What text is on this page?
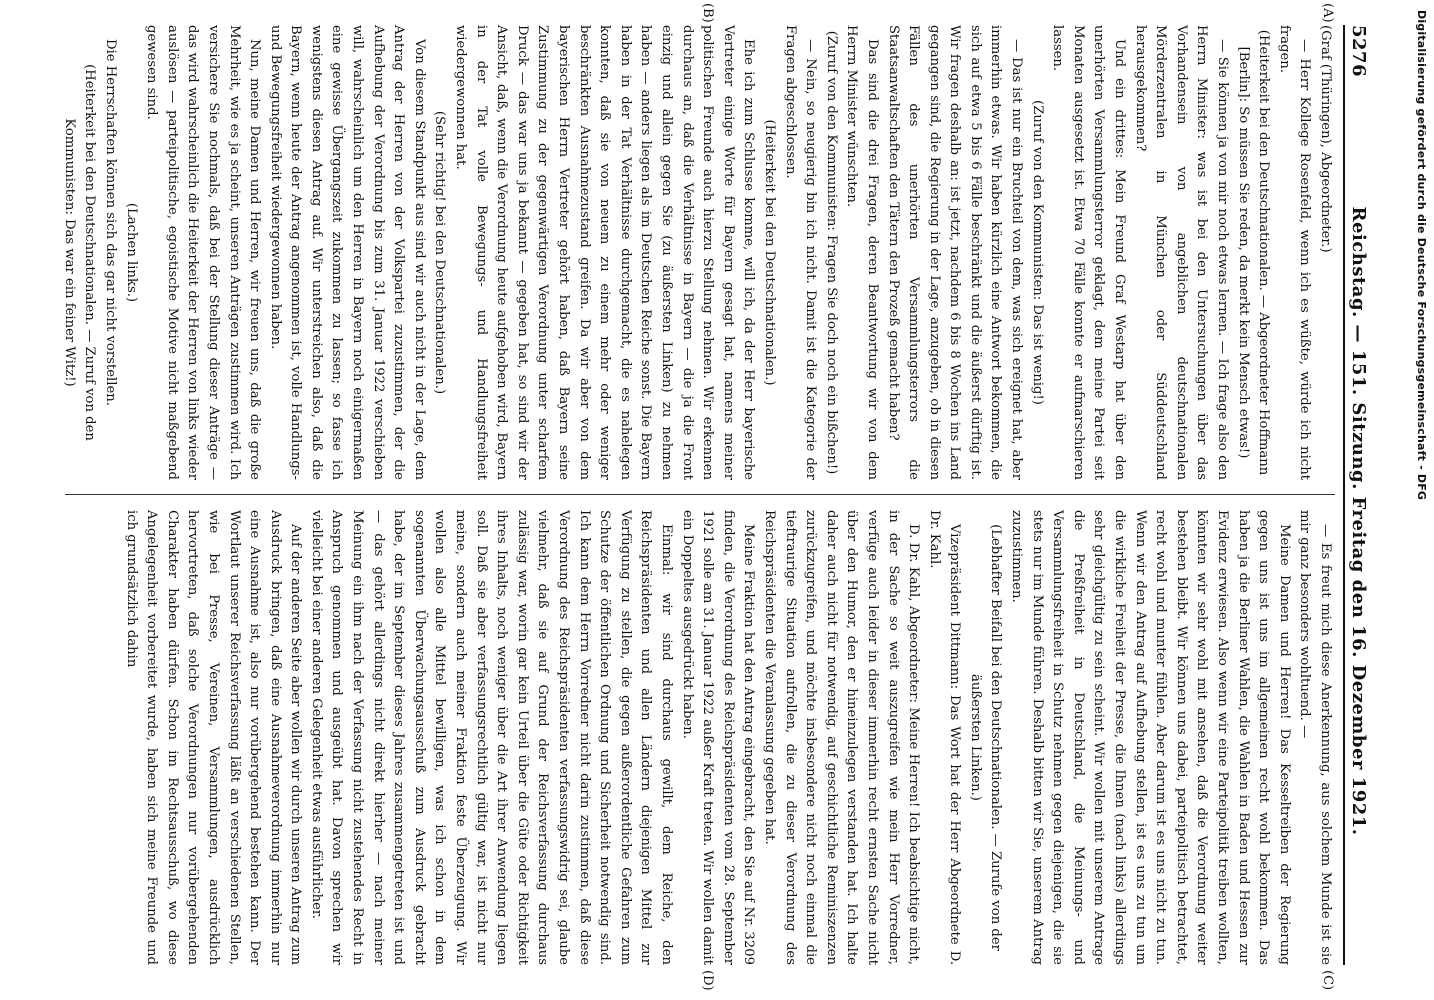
5276
Reichstag. — 151. Sitzung. Freitag den 16. Dezember 1921.
(A)
(B)
(C)
(D)

(Graf (Thüringen), Abgeordneter.)

— Herr Kollege Rosenfeld, wenn ich es wüßte, würde ich nicht fragen.

(Heiterkeit bei den Deutschnationalen. — Abgeordneter Hoffmann [Berlin]: So müssen Sie reden, da merkt kein Mensch etwas!)

— Sie können ja von mir noch etwas lernen. — Ich frage also den Herrn Minister: was ist bei den Untersuchungen über das Vorhandensein von angeblichen deutschnationalen Mörderzentralen in München oder Süddeutschland herausgekommen?

Und ein drittes: Mein Freund Graf Westarp hat über den unerhörten Versammlungsterror geklagt, dem meine Partei seit Monaten ausgesetzt ist. Etwa 70 Fälle konnte er aufmarschieren lassen.

(Zuruf von den Kommunisten: Das ist wenig!)

— Das ist nur ein Bruchteil von dem, was sich ereignet hat, aber immerhin etwas. Wir haben kürzlich eine Antwort bekommen, die sich auf etwa 5 bis 6 Fälle beschränkt und die äußerst dürftig ist. Wir fragen deshalb an: ist jetzt, nachdem 6 bis 8 Wochen ins Land gegangen sind, die Regierung in der Lage, anzugeben, ob in diesen Fällen des unerhörten Versammlungsterrors die Staatsanwaltschaften den Tätern den Prozeß gemacht haben?

Das sind die drei Fragen, deren Beantwortung wir von dem Herrn Minister wünschten.

(Zuruf von den Kommunisten: Fragen Sie doch noch ein bißchen!)

— Nein, so neugierig bin ich nicht. Damit ist die Kategorie der Fragen abgeschlossen.

(Heiterkeit bei den Deutschnationalen.)

Ehe ich zum Schlusse komme, will ich, da der Herr bayerische Vertreter einige Worte für Bayern gesagt hat, namens meiner politischen Freunde auch hierzu Stellung nehmen. Wir erkennen durchaus an, daß die Verhältnisse in Bayern — die ja die Front einzig und allein gegen Sie (zu äußersten Linken) zu nehmen haben — anders liegen als im Deutschen Reiche sonst. Die Bayern haben in der Tat Verhältnisse durchgemacht, die es nahelegen konnten, daß sie von neuem zu einem mehr oder weniger beschränkten Ausnahmezustand greifen. Da wir aber von dem bayerischen Herrn Vertreter gehört haben, daß Bayern seine Zustimmung zu der gegenwärtigen Verordnung unter scharfem Druck — das war uns ja bekannt — gegeben hat, so sind wir der Ansicht, daß, wenn die Verordnung heute aufgehoben wird, Bayern in der Tat volle Bewegungs- und Handlungsfreiheit wiedergewonnen hat.

(Sehr richtig! bei den Deutschnationalen.)

Von diesem Standpunkt aus sind wir auch nicht in der Lage, dem Antrag der Herren von der Volkspartei zuzustimmen, der die Aufhebung der Verordnung bis zum 31. Januar 1922 verschieben will, wahrscheinlich um den Herren in Bayern noch einigermaßen eine gewisse Übergangszeit zukommen zu lassen; so fasse ich wenigstens diesen Antrag auf. Wir unterstreichen also, daß die Bayern, wenn heute der Antrag angenommen ist, volle Handlungs- und Bewegungsfreiheit wiedergewonnen haben.

Nun, meine Damen und Herren, wir freuen uns, daß die große Mehrheit, wie es ja scheint, unseren Anträgen zustimmen wird. Ich versichere Sie nochmals, daß bei der Stellung dieser Anträge — das wird wahrscheinlich die Heiterkeit der Herren von links wieder auslösen — parteipolitische, egoistische Motive nicht maßgebend gewesen sind.

(Lachen links.)

Die Herrschaften können sich das gar nicht vorstellen.

(Heiterkeit bei den Deutschnationalen. — Zuruf von den Kommunisten: Das war ein feiner Witz!)

— Es freut mich diese Anerkennung, aus solchem Munde ist sie mir ganz besonders wohltuend. —

Meine Damen und Herren! Das Kesseltreiben der Regierung gegen uns ist uns im allgemeinen recht wohl bekommen. Das haben ja die Berliner Wahlen, die Wahlen in Baden und Hessen zur Evidenz erwiesen. Also wenn wir eine Parteipolitik treiben wollten, könnten wir sehr wohl mit ansehen, daß die Verordnung weiter bestehen bleibt. Wir können uns dabei, parteipolitisch betrachtet, recht wohl und munter fühlen. Aber darum ist es uns nicht zu tun. Wenn wir den Antrag auf Aufhebung stellen, ist es uns zu tun um die wirkliche Freiheit der Presse, die Ihnen (nach links) allerdings sehr gleichgültig zu sein scheint. Wir wollen mit unserem Antrage die Preßfreiheit in Deutschland, die Meinungs- und Versammlungsfreiheit in Schutz nehmen gegen diejenigen, die sie stets nur im Munde führen. Deshalb bitten wir Sie, unserem Antrag zuzustimmen.

(Lebhafter Beifall bei den Deutschnationalen. — Zurufe von der äußersten Linken.)

Vizepräsident Dittmann: Das Wort hat der Herr Abgeordnete D. Dr. Kahl.

D. Dr. Kahl, Abgeordneter: Meine Herren! Ich beabsichtige nicht, in der Sache so weit auszugreifen wie mein Herr Vorredner, verfüge auch leider in dieser immerhin recht ernsten Sache nicht über den Humor, den er hineinzulegen verstanden hat. Ich halte daher auch nicht für notwendig, auf geschichtliche Reminiszenzen zurückzugreifen, und möchte insbesondere nicht noch einmal die tieftraurige Situation aufrollen, die zu dieser Verordnung des Reichspräsidenten die Veranlassung gegeben hat.

Meine Fraktion hat den Antrag eingebracht, den Sie auf Nr. 3209 finden, die Verordnung des Reichspräsidenten vom 28. September 1921 solle am 31. Januar 1922 außer Kraft treten. Wir wollen damit ein Doppeltes ausgedrückt haben.

Einmal: wir sind durchaus gewillt, dem Reiche, den Reichspräsidenten und allen Ländern diejenigen Mittel zur Verfügung zu stellen, die gegen außerordentliche Gefahren zum Schutze der öffentlichen Ordnung und Sicherheit notwendig sind. Ich kann dem Herrn Vorredner nicht darin zustimmen, daß diese Verordnung des Reichspräsidenten verfassungswidrig sei, glaube vielmehr, daß sie auf Grund der Reichsverfassung durchaus zulässig war, worin gar kein Urteil über die Güte oder Richtigkeit ihres Inhalts, noch weniger über die Art ihrer Anwendung liegen soll. Daß sie aber verfassungsrechtlich gültig war, ist nicht nur meine, sondern auch meiner Fraktion feste Überzeugung. Wir wollen also alle Mittel bewilligen, was ich schon in dem sogenannten Überwachungsausschuß zum Ausdruck gebracht habe, der im September dieses Jahres zusammengetreten ist und — das gehört allerdings nicht direkt hierher — nach meiner Meinung ein ihm nach der Verfassung nicht zustehendes Recht in Anspruch genommen und ausgeübt hat. Davon sprechen wir vielleicht bei einer anderen Gelegenheit etwas ausführlicher.

Auf der anderen Seite aber wollen wir durch unseren Antrag zum Ausdruck bringen, daß eine Ausnahmeverordnung immerhin nur eine Ausnahme ist, also nur vorübergehend bestehen kann. Der Wortlaut unserer Reichsverfassung läßt an verschiedenen Stellen, wie bei Presse, Vereinen, Versammlungen, ausdrücklich hervortreten, daß solche Verordnungen nur vorübergehenden Charakter haben dürfen. Schon im Rechtsausschuß, wo diese Angelegenheit vorbereitet wurde, haben sich meine Freunde und ich grundsätzlich dahin

Digitalisierung gefördert durch die Deutsche Forschungsgemeinschaft - DFG
